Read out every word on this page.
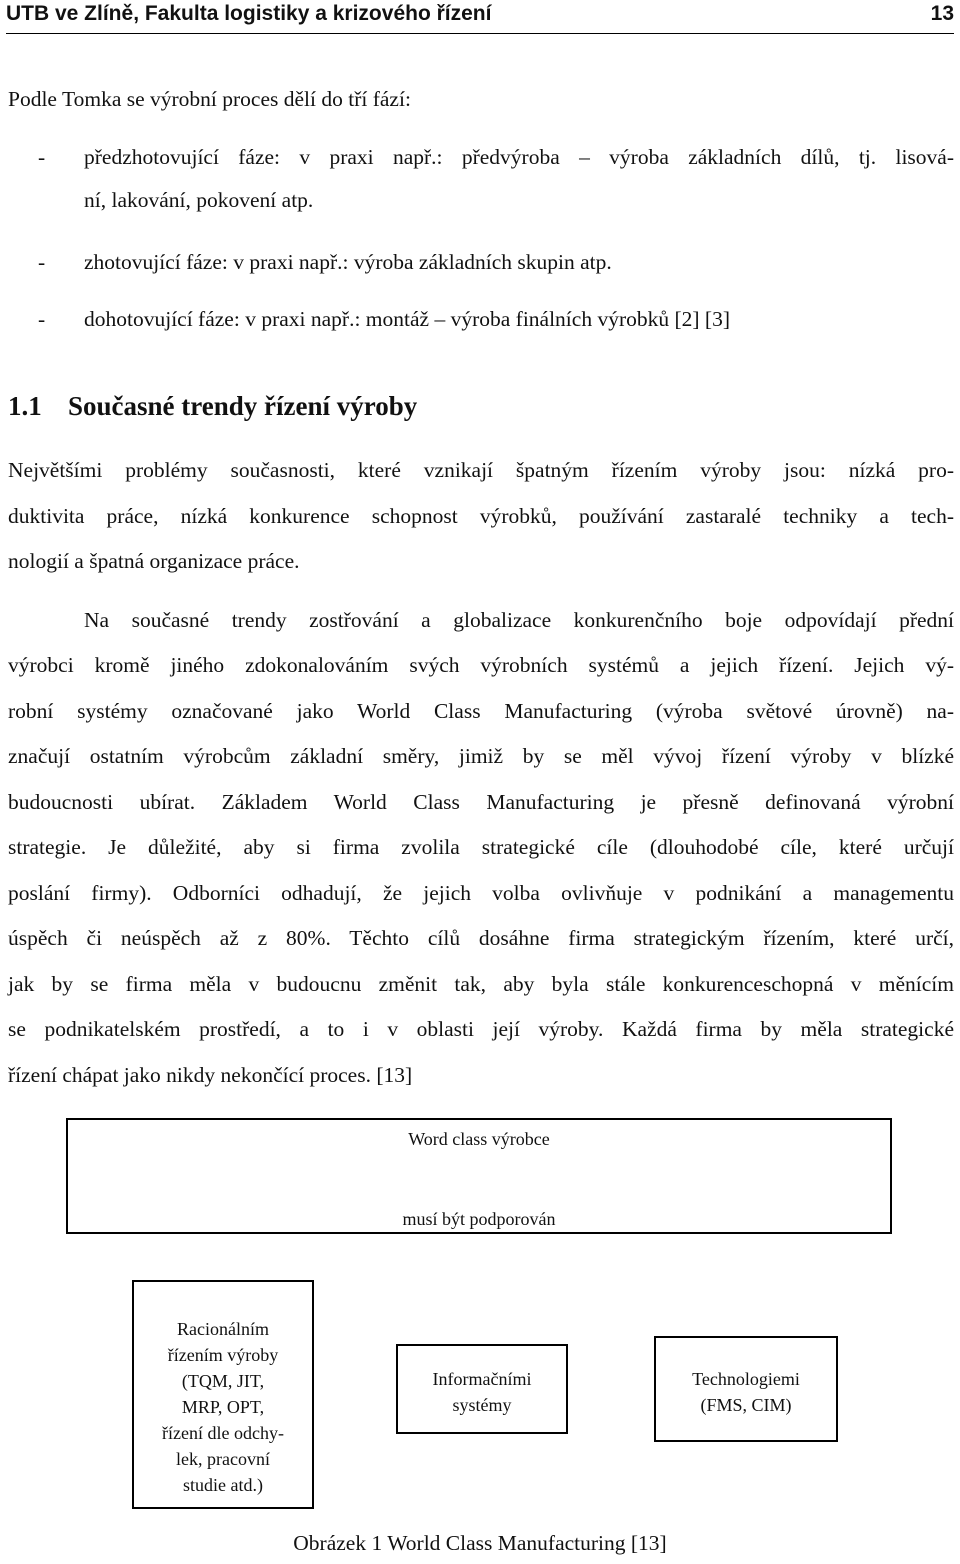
UTB ve Zlíně, Fakulta logistiky a krizového řízení	13
Podle Tomka se výrobní proces dělí do tří fází:
- předzhotovující fáze: v praxi např.: předvýroba – výroba základních dílů, tj. lisová-
ní, lakování, pokovení atp.
- zhotovující fáze: v praxi např.: výroba základních skupin atp.
- dohotovující fáze: v praxi např.: montáž – výroba finálních výrobků [2] [3]
1.1 Současné trendy řízení výroby
Největšími problémy současnosti, které vznikají špatným řízením výroby jsou: nízká pro-
duktivita práce, nízká konkurence schopnost výrobků, používání zastaralé techniky a tech-
nologií a špatná organizace práce.
Na současné trendy zostřování a globalizace konkurenčního boje odpovídají přední
výrobci kromě jiného zdokonalováním svých výrobních systémů a jejich řízení. Jejich vý-
robní systémy označované jako World Class Manufacturing (výroba světové úrovně) na-
značují ostatním výrobcům základní směry, jimiž by se měl vývoj řízení výroby v blízké
budoucnosti ubírat. Základem World Class Manufacturing je přesně definovaná výrobní
strategie. Je důležité, aby si firma zvolila strategické cíle (dlouhodobé cíle, které určují
poslání firmy). Odborníci odhadují, že jejich volba ovlivňuje v podnikání a managementu
úspěch či neúspěch až z 80%. Těchto cílů dosáhne firma strategickým řízením, které určí,
jak by se firma měla v budoucnu změnit tak, aby byla stále konkurenceschopná v měnícím
se podnikatelském prostředí, a to i v oblasti její výroby. Každá firma by měla strategické
řízení chápat jako nikdy nekončící proces. [13]
Word class výrobce
musí být podporován
Racionálním
řízením výroby
(TQM, JIT,
MRP, OPT,
řízení dle odchy-
lek, pracovní
studie atd.)
Informačními
systémy
Technologiemi
(FMS, CIM)
Obrázek 1 World Class Manufacturing [13]
